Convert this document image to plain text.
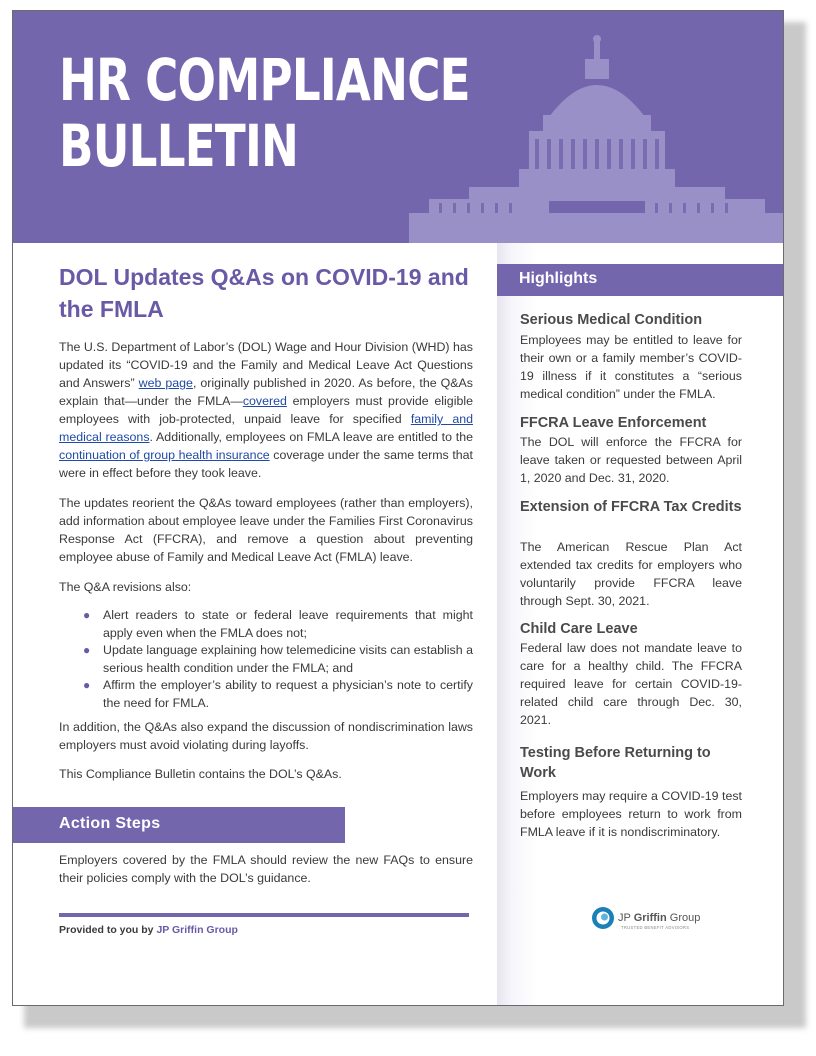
HR COMPLIANCE
BULLETIN
DOL Updates Q&As on COVID-19 and the FMLA
The U.S. Department of Labor’s (DOL) Wage and Hour Division (WHD) has updated its “COVID-19 and the Family and Medical Leave Act Questions and Answers” web page, originally published in 2020. As before, the Q&As explain that—under the FMLA—covered employers must provide eligible employees with job-protected, unpaid leave for specified family and medical reasons. Additionally, employees on FMLA leave are entitled to the continuation of group health insurance coverage under the same terms that were in effect before they took leave.
The updates reorient the Q&As toward employees (rather than employers), add information about employee leave under the Families First Coronavirus Response Act (FFCRA), and remove a question about preventing employee abuse of Family and Medical Leave Act (FMLA) leave.
The Q&A revisions also:
● Alert readers to state or federal leave requirements that might apply even when the FMLA does not;
● Update language explaining how telemedicine visits can establish a serious health condition under the FMLA; and
● Affirm the employer’s ability to request a physician’s note to certify the need for FMLA.
In addition, the Q&As also expand the discussion of nondiscrimination laws employers must avoid violating during layoffs.
This Compliance Bulletin contains the DOL’s Q&As.
Action Steps
Employers covered by the FMLA should review the new FAQs to ensure their policies comply with the DOL’s guidance.
Provided to you by JP Griffin Group
Highlights
Serious Medical Condition
Employees may be entitled to leave for their own or a family member’s COVID-19 illness if it constitutes a “serious medical condition” under the FMLA.
FFCRA Leave Enforcement
The DOL will enforce the FFCRA for leave taken or requested between April 1, 2020 and Dec. 31, 2020.
Extension of FFCRA Tax Credits
The American Rescue Plan Act extended tax credits for employers who voluntarily provide FFCRA leave through Sept. 30, 2021.
Child Care Leave
Federal law does not mandate leave to care for a healthy child. The FFCRA required leave for certain COVID-19-related child care through Dec. 30, 2021.
Testing Before Returning to Work
Employers may require a COVID-19 test before employees return to work from FMLA leave if it is nondiscriminatory.
JP Griffin Group
TRUSTED BENEFIT ADVISORS
